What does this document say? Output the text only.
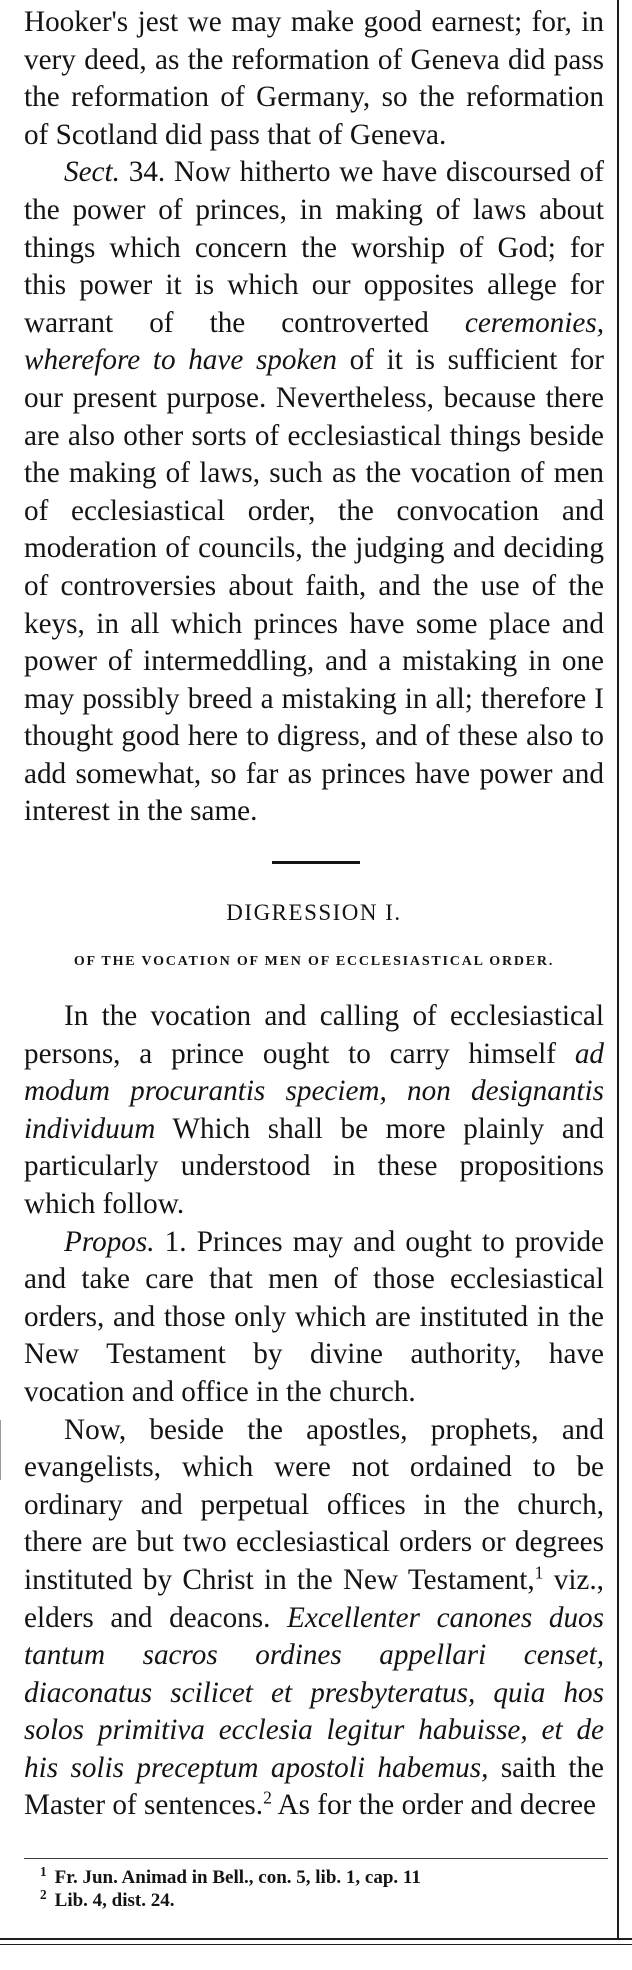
Hooker's jest we may make good earnest; for, in very deed, as the reformation of Geneva did pass the reformation of Germany, so the reformation of Scotland did pass that of Geneva.

Sect. 34. Now hitherto we have discoursed of the power of princes, in making of laws about things which concern the worship of God; for this power it is which our opposites allege for warrant of the controverted ceremonies, wherefore to have spoken of it is sufficient for our present purpose. Nevertheless, because there are also other sorts of ecclesiastical things beside the making of laws, such as the vocation of men of ecclesiastical order, the convocation and moderation of councils, the judging and deciding of controversies about faith, and the use of the keys, in all which princes have some place and power of intermeddling, and a mistaking in one may possibly breed a mistaking in all; therefore I thought good here to digress, and of these also to add somewhat, so far as princes have power and interest in the same.

DIGRESSION I.
OF THE VOCATION OF MEN OF ECCLESIASTICAL ORDER.

In the vocation and calling of ecclesiastical persons, a prince ought to carry himself ad modum procurantis speciem, non designantis individuum Which shall be more plainly and particularly understood in these propositions which follow.

Propos. 1. Princes may and ought to provide and take care that men of those ecclesiastical orders, and those only which are instituted in the New Testament by divine authority, have vocation and office in the church.

Now, beside the apostles, prophets, and evangelists, which were not ordained to be ordinary and perpetual offices in the church, there are but two ecclesiastical orders or degrees instituted by Christ in the New Testament,$^1$ viz., elders and deacons. Excellenter canones duos tantum sacros ordines appellari censet, diaconatus scilicet et presbyteratus, quia hos solos primitiva ecclesia legitur habuisse, et de his solis preceptum apostoli habemus, saith the Master of sentences.$^2$ As for the order and decree

$^1$ Fr. Jun. Animad in Bell., con. 5, lib. 1, cap. 11
$^2$ Lib. 4, dist. 24.
